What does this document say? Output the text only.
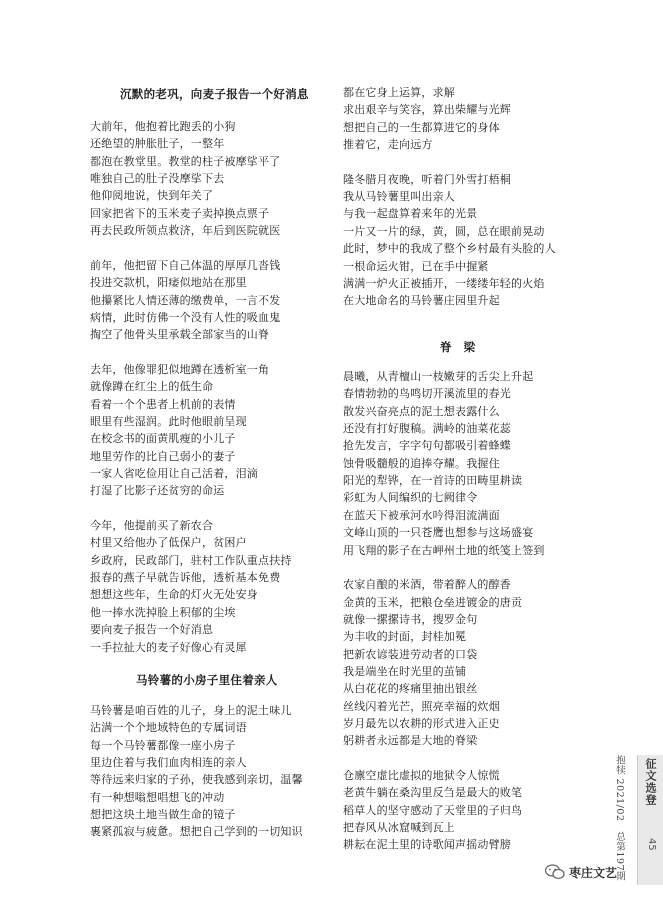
沉默的老巩，向麦子报告一个好消息
大前年，他抱着比跑丢的小狗
还绝望的肿胀肚子，一整年
都泡在教堂里。教堂的柱子被摩挲平了
唯独自己的肚子没摩挲下去
他仰阅地说，快到年关了
回家把省下的玉米麦子卖掉换点票子
再去民政所领点救济，年后到医院就医
前年，他把留下自己体温的厚厚几沓钱
投进交款机，阳痿似地站在那里
他攥紧比人情还薄的缴费单，一言不发
病情，此时仿佛一个没有人性的吸血鬼
掏空了他骨头里承载全部家当的山脊
去年，他像罪犯似地蹲在透析室一角
就像蹲在红尘上的低生命
看着一个个患者上机前的表情
眼里有些湿润。此时他眼前呈现
在校念书的面黄肌瘦的小儿子
地里劳作的比自己弱小的妻子
一家人省吃俭用让自己活着，泪滴
打湿了比影子还贫穷的命运
今年，他提前买了新农合
村里又给他办了低保户，贫困户
乡政府，民政部门，驻村工作队重点扶持
报春的燕子早就告诉他，透析基本免费
想想这些年，生命的灯火无处安身
他一捧水洗掉脸上积郁的尘埃
要向麦子报告一个好消息
一手拉扯大的麦子好像心有灵犀
马铃薯的小房子里住着亲人
马铃薯是咱百姓的儿子，身上的泥土味儿
沾满一个个地域特色的专属词语
每一个马铃薯都像一座小房子
里边住着与我们血肉相连的亲人
等待远来归家的子孙，使我感到亲切，温馨
有一种想嗡想唱想飞的冲动
想把这块土地当做生命的镜子
裹紧孤寂与疲惫。想把自己学到的一切知识
都在它身上运算，求解
求出艰辛与笑容，算出柴耀与光辉
想把自己的一生都算进它的身体
推着它，走向远方
隆冬腊月夜晚，听着门外雪打梧桐
我从马铃薯里叫出亲人
与我一起盘算着来年的光景
一片又一片的绿，黄，圆，总在眼前晃动
此时，梦中的我成了整个乡村最有头脸的人
一根命运火钳，已在手中握紧
满满一炉火正被插开，一缕缕年轻的火焰
在大地命名的马铃薯庄园里升起
脊　梁
晨曦，从青檀山一枝嫩芽的舌尖上升起
春情勃勃的鸟鸣切开溪流里的春光
散发兴奋亮点的泥土想表露什么
还没有打好腹稿。满岭的油菜花蕊
抢先发言，字字句句都吸引着蜂蝶
蚀骨吸髓般的追捧夺耀。我握住
阳光的犁铧，在一首诗的田畴里耕读
彩虹为人间编织的七阙律令
在蓝天下被承河水吟得泪流满面
文峰山顶的一只苍鹰也想参与这场盛宴
用飞翔的影子在古岬州土地的纸笺上签到
农家自酿的米酒，带着醉人的醇香
金黄的玉米，把粮仓垒进镀金的唐贡
就像一摞摞诗书，搜罗金句
为丰收的封面，封桂加冕
把新农谚装进劳动者的口袋
我是端坐在时光里的茧铺
从白花花的疼痛里抽出银丝
丝线闪着光芒，照亮幸福的炊烟
岁月最先以农耕的形式进入正史
躬耕者永远都是大地的脊梁
仓廪空虚比虚拟的地狱令人惊慌
老黄牛躺在桑沟里反刍是最大的败笔
稻草人的坚守感动了天堂里的子归鸟
把春风从冰窟喊到瓦上
耕耘在泥土里的诗歌闻声摇动臂膀
征文选登
45
抱犊 2021/02　总第197期
枣庄文艺
